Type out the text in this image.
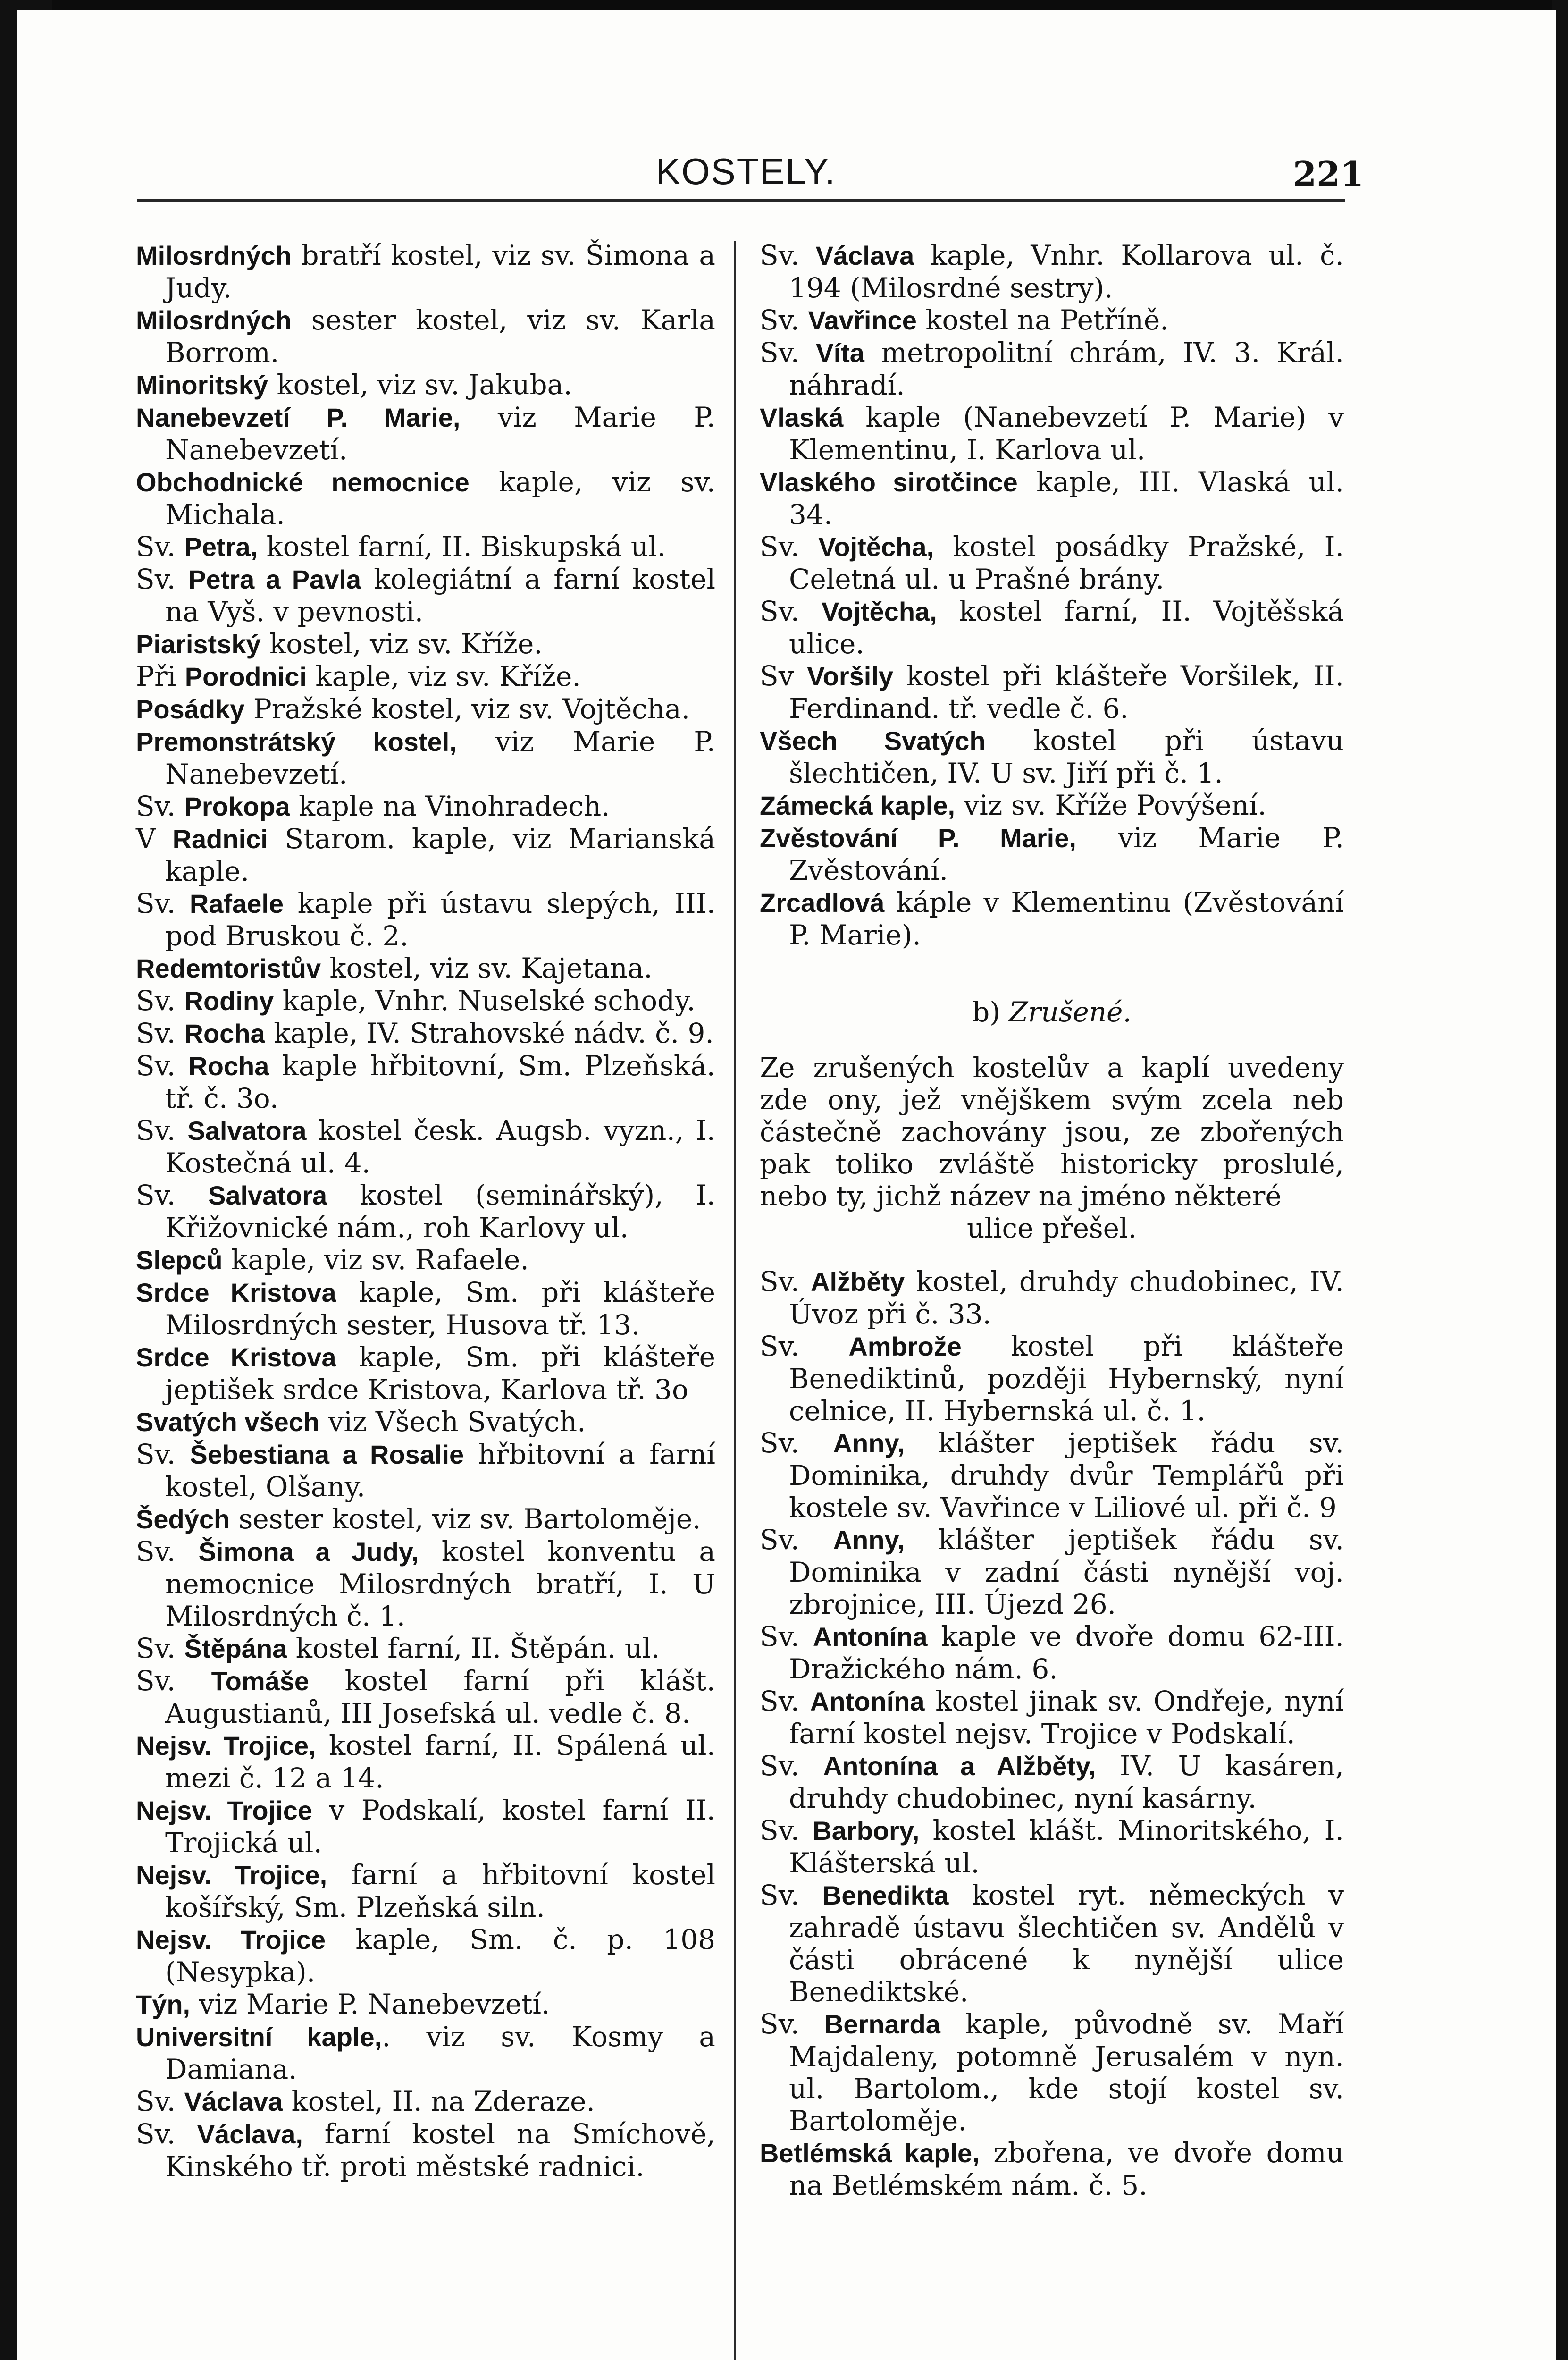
KOSTELY.	221

Milosrdných bratří kostel, viz sv. Šimona a Judy.

Milosrdných sester kostel, viz sv. Karla Borrom.

Minoritský kostel, viz sv. Jakuba.

Nanebevzetí P. Marie, viz Marie P. Nanebevzetí.

Obchodnické nemocnice kaple, viz sv. Michala.

Sv. Petra, kostel farní, II. Biskupská ul.

Sv. Petra a Pavla kolegiátní a farní kostel na Vyš. v pevnosti.

Piaristský kostel, viz sv. Kříže.

Při Porodnici kaple, viz sv. Kříže.

Posádky Pražské kostel, viz sv. Vojtěcha.

Premonstrátský kostel, viz Marie P. Nanebevzetí.

Sv. Prokopa kaple na Vinohradech.

V Radnici Starom. kaple, viz Marianská kaple.

Sv. Rafaele kaple při ústavu slepých, III. pod Bruskou č. 2.

Redemtoristův kostel, viz sv. Kajetana.

Sv. Rodiny kaple, Vnhr. Nuselské schody.

Sv. Rocha kaple, IV. Strahovské nádv. č. 9.

Sv. Rocha kaple hřbitovní, Sm. Plzeňská. tř. č. 3o.

Sv. Salvatora kostel česk. Augsb. vyzn., I. Kostečná ul. 4.

Sv. Salvatora kostel (seminářský), I. Křižovnické nám., roh Karlovy ul.

Slepců kaple, viz sv. Rafaele.

Srdce Kristova kaple, Sm. při klášteře Milosrdných sester, Husova tř. 13.

Srdce Kristova kaple, Sm. při klášteře jeptišek srdce Kristova, Karlova tř. 3o

Svatých všech viz Všech Svatých.

Sv. Šebestiana a Rosalie hřbitovní a farní kostel, Olšany.

Šedých sester kostel, viz sv. Bartoloměje.

Sv. Šimona a Judy, kostel konventu a nemocnice Milosrdných bratří, I. U Milosrdných č. 1.

Sv. Štěpána kostel farní, II. Štěpán. ul.

Sv. Tomáše kostel farní při klášt. Augustianů, III Josefská ul. vedle č. 8.

Nejsv. Trojice, kostel farní, II. Spálená ul. mezi č. 12 a 14.

Nejsv. Trojice v Podskalí, kostel farní II. Trojická ul.

Nejsv. Trojice, farní a hřbitovní kostel košířský, Sm. Plzeňská siln.

Nejsv. Trojice kaple, Sm. č. p. 108 (Nesypka).

Týn, viz Marie P. Nanebevzetí.

Universitní kaple,. viz sv. Kosmy a Damiana.

Sv. Václava kostel, II. na Zderaze.

Sv. Václava, farní kostel na Smíchově, Kinského tř. proti městské radnici.

Sv. Václava kaple, Vnhr. Kollarova ul. č. 194 (Milosrdné sestry).

Sv. Vavřince kostel na Petříně.

Sv. Víta metropolitní chrám, IV. 3. Král. náhradí.

Vlaská kaple (Nanebevzetí P. Marie) v Klementinu, I. Karlova ul.

Vlaského sirotčince kaple, III. Vlaská ul. 34.

Sv. Vojtěcha, kostel posádky Pražské, I. Celetná ul. u Prašné brány.

Sv. Vojtěcha, kostel farní, II. Vojtěšská ulice.

Sv Voršily kostel při klášteře Voršilek, II. Ferdinand. tř. vedle č. 6.

Všech Svatých kostel při ústavu šlechtičen, IV. U sv. Jiří při č. 1.

Zámecká kaple, viz sv. Kříže Povýšení.

Zvěstování P. Marie, viz Marie P. Zvěstování.

Zrcadlová káple v Klementinu (Zvěstování P. Marie).

b) Zrušené.
Ze zrušených kostelův a kaplí uvedeny zde ony, jež vnějškem svým zcela neb částečně zachovány jsou, ze zbořených pak toliko zvláště historicky proslulé, nebo ty, jichž název na jméno některé
ulice přešel.

Sv. Alžběty kostel, druhdy chudobinec, IV. Úvoz při č. 33.

Sv. Ambrože kostel při klášteře Benediktinů, později Hybernský, nyní celnice, II. Hybernská ul. č. 1.

Sv. Anny, klášter jeptišek řádu sv. Dominika, druhdy dvůr Templářů při kostele sv. Vavřince v Liliové ul. při č. 9

Sv. Anny, klášter jeptišek řádu sv. Dominika v zadní části nynější voj. zbrojnice, III. Újezd 26.

Sv. Antonína kaple ve dvoře domu 62-III. Dražického nám. 6.

Sv. Antonína kostel jinak sv. Ondřeje, nyní farní kostel nejsv. Trojice v Podskalí.

Sv. Antonína a Alžběty, IV. U kasáren, druhdy chudobinec, nyní kasárny.

Sv. Barbory, kostel klášt. Minoritského, I. Klášterská ul.

Sv. Benedikta kostel ryt. německých v zahradě ústavu šlechtičen sv. Andělů v části obrácené k nynější ulice Benediktské.

Sv. Bernarda kaple, původně sv. Maří Majdaleny, potomně Jerusalém v nyn. ul. Bartolom., kde stojí kostel sv. Bartoloměje.

Betlémská kaple, zbořena, ve dvoře domu na Betlémském nám. č. 5.
